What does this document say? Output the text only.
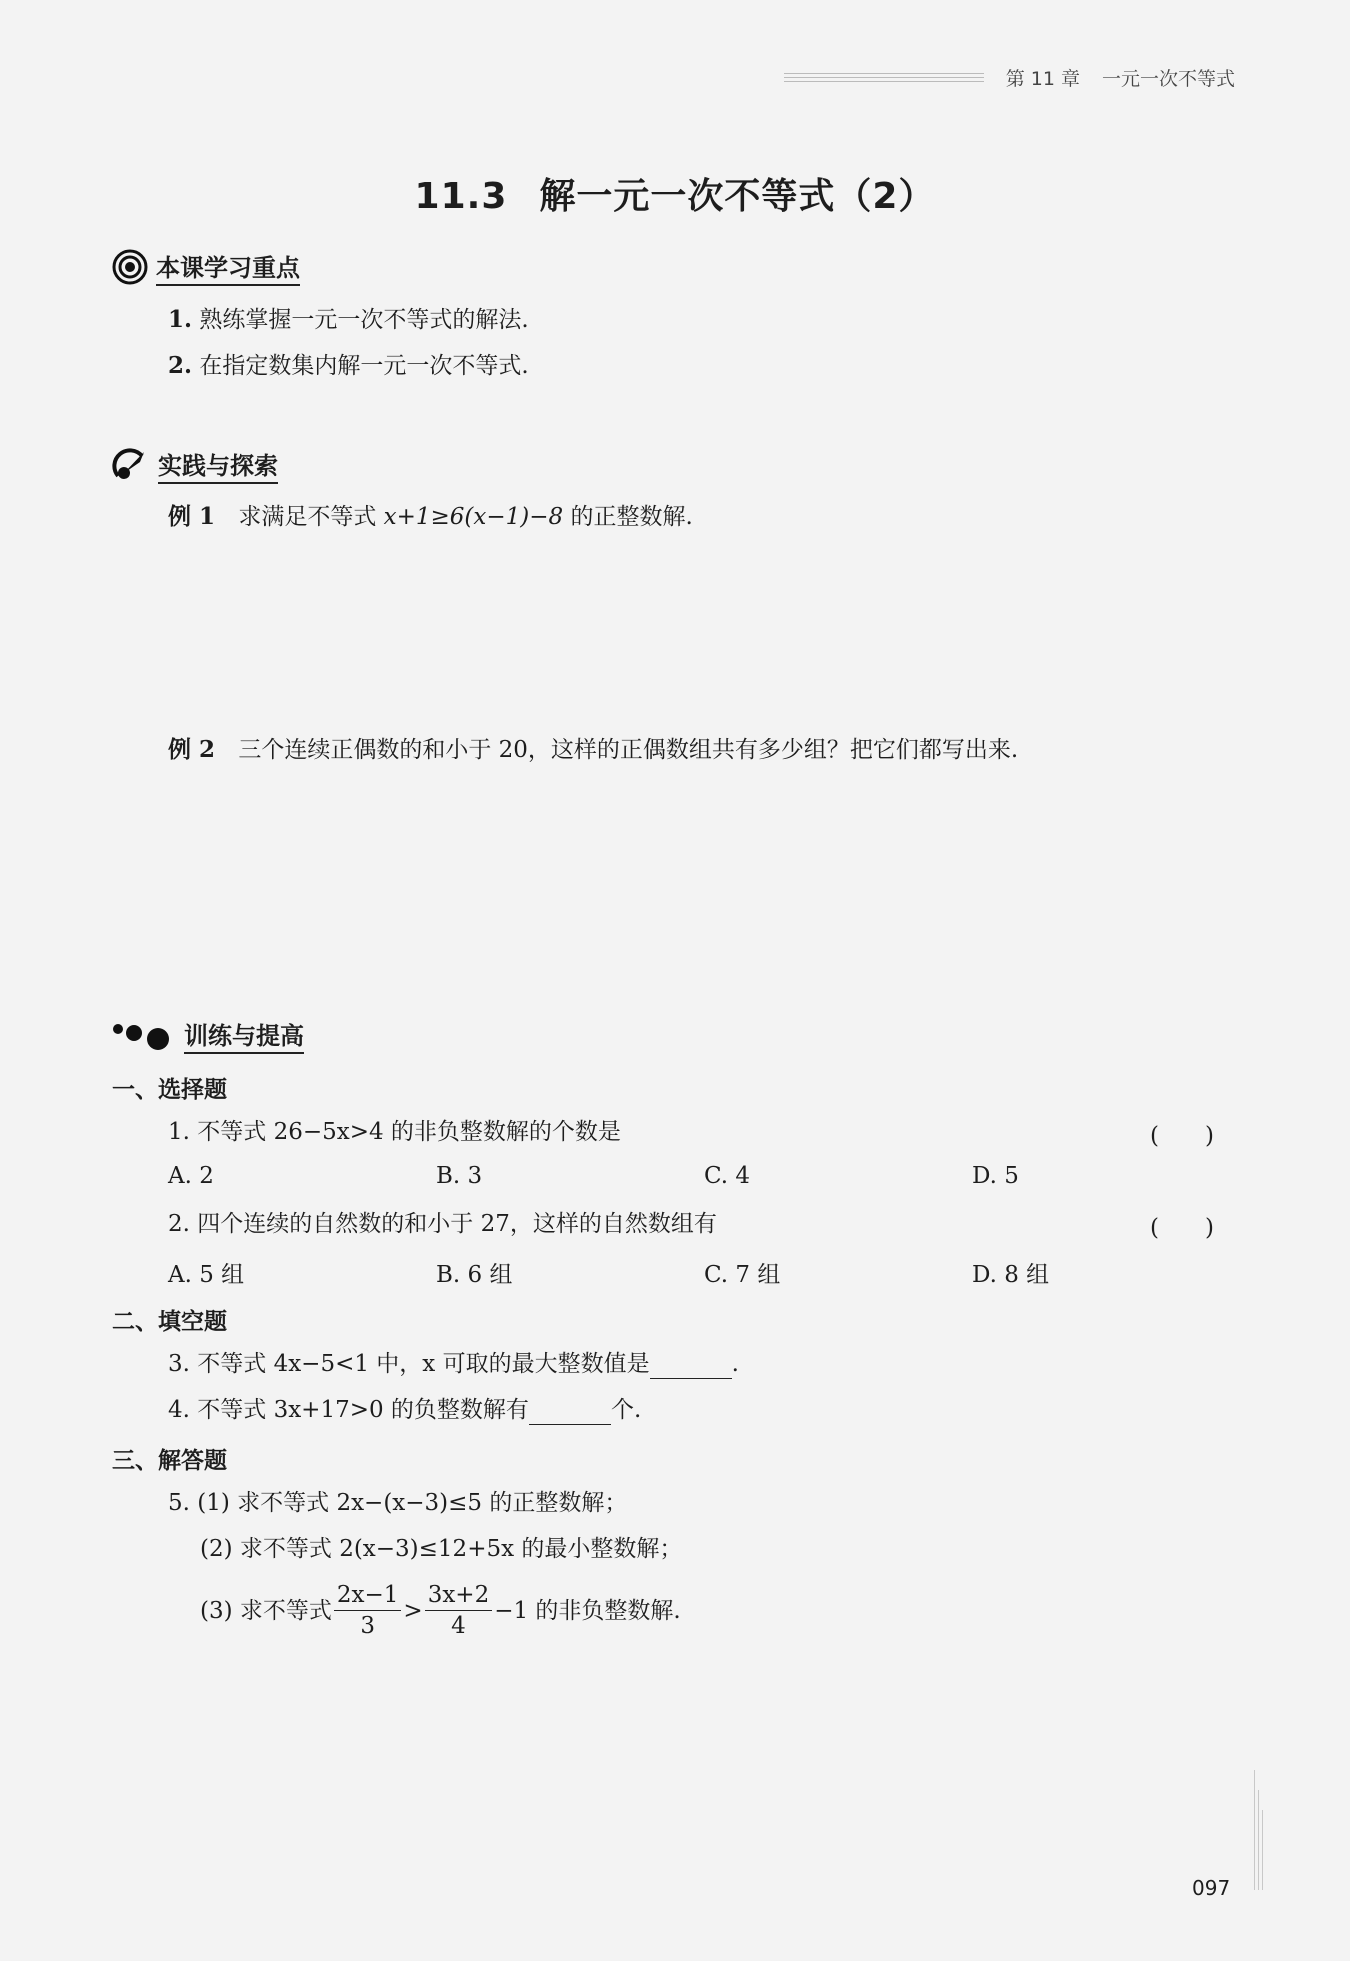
第 11 章 一元一次不等式
11.3 解一元一次不等式（2）
本课学习重点
1. 熟练掌握一元一次不等式的解法.
2. 在指定数集内解一元一次不等式.
实践与探索
例 1 求满足不等式 x+1≥6(x−1)−8 的正整数解.
例 2 三个连续正偶数的和小于 20，这样的正偶数组共有多少组？把它们都写出来.
训练与提高
一、选择题
1. 不等式 26−5x>4 的非负整数解的个数是	(　　)
A. 2	B. 3	C. 4	D. 5
2. 四个连续的自然数的和小于 27，这样的自然数组有	(　　)
A. 5 组	B. 6 组	C. 7 组	D. 8 组
二、填空题
3. 不等式 4x−5<1 中，x 可取的最大整数值是	.
4. 不等式 3x+17>0 的负整数解有	个.
三、解答题
5. (1) 求不等式 2x−(x−3)≤5 的正整数解；
(2) 求不等式 2(x−3)≤12+5x 的最小整数解；
(3) 求不等式 $\frac{2x-1}{3} > \frac{3x+2}{4} -1$ 的非负整数解.
097
